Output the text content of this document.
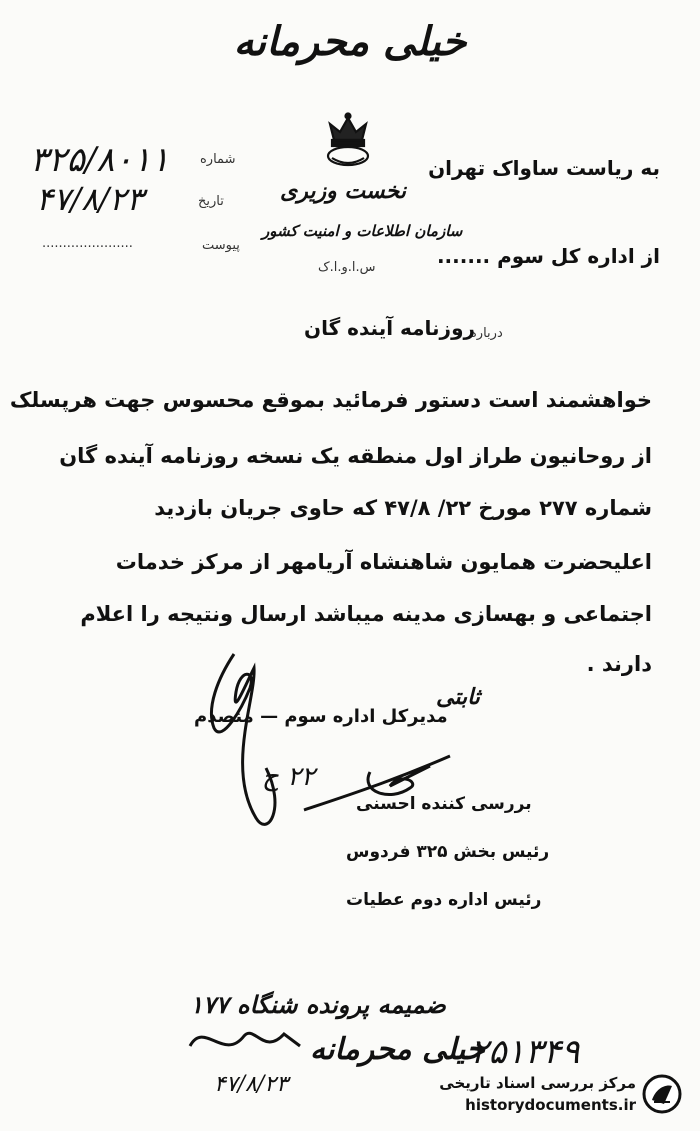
خیلی محرمانه
۳۲۵/۸۰۱۱ شماره
۴۷/۸/۲۳	تاریخ
......................	پیوست
نخست وزیری
سازمان اطلاعات و امنیت کشور
س.ا.و.ا.ک
به ریاست ساواک تهران
از اداره کل سوم .......
درباره
روزنامه آینده گان
خواهشمند است دستور فرمائید بموقع محسوس جهت هرپسلک
از روحانیون طراز اول منطقه یک نسخه روزنامه آینده گان
شماره ۲۷۷ مورخ ۲۲/ ۴۷/۸ که حاوی جریان بازدید
اعلیحضرت همایون شاهنشاه آریامهر از مرکز خدمات
اجتماعی و بهسازی مدینه میباشد ارسال ونتیجه را اعلام
دارند .
ثابتی
مدیرکل اداره سوم — منصدم
۲۲ ح
بررسی کننده احسنی
رئیس بخش ۳۲۵ فردوس
رئیس اداره دوم عطیات
ضمیمه پرونده شنگاه ۱۷۷
خیلی محرمانه
۲۵۱۳۴۹
۴۷/۸/۲۳	مرکز بررسی اسناد تاریخی
historydocuments.ir
